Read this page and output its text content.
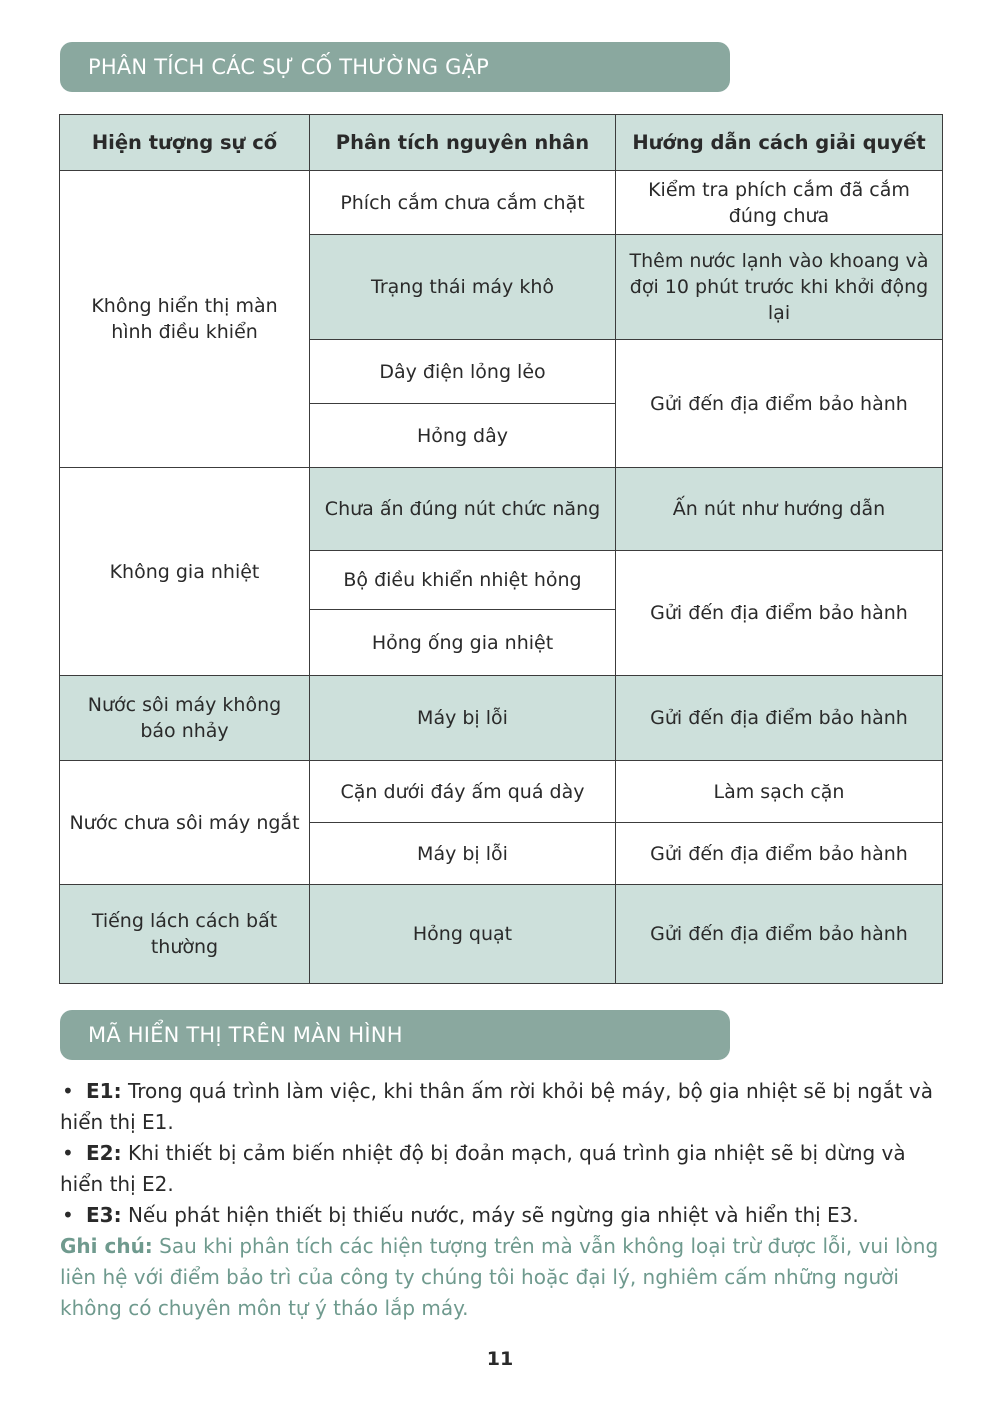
PHÂN TÍCH CÁC SỰ CỐ THƯỜNG GẶP
Hiện tượng sự cố	Phân tích nguyên nhân	Hướng dẫn cách giải quyết
Không hiển thị màn hình điều khiển	Phích cắm chưa cắm chặt	Kiểm tra phích cắm đã cắm đúng chưa
	Trạng thái máy khô	Thêm nước lạnh vào khoang và đợi 10 phút trước khi khởi động lại
	Dây điện lỏng lẻo	Gửi đến địa điểm bảo hành
	Hỏng dây	
Không gia nhiệt	Chưa ấn đúng nút chức năng	Ấn nút như hướng dẫn
	Bộ điều khiển nhiệt hỏng	Gửi đến địa điểm bảo hành
	Hỏng ống gia nhiệt	
Nước sôi máy không báo nhảy	Máy bị lỗi	Gửi đến địa điểm bảo hành
Nước chưa sôi máy ngắt	Cặn dưới đáy ấm quá dày	Làm sạch cặn
	Máy bị lỗi	Gửi đến địa điểm bảo hành
Tiếng lách cách bất thường	Hỏng quạt	Gửi đến địa điểm bảo hành
MÃ HIỂN THỊ TRÊN MÀN HÌNH

• E1: Trong quá trình làm việc, khi thân ấm rời khỏi bệ máy, bộ gia nhiệt sẽ bị ngắt và hiển thị E1.

• E2: Khi thiết bị cảm biến nhiệt độ bị đoản mạch, quá trình gia nhiệt sẽ bị dừng và hiển thị E2.

• E3: Nếu phát hiện thiết bị thiếu nước, máy sẽ ngừng gia nhiệt và hiển thị E3.

Ghi chú: Sau khi phân tích các hiện tượng trên mà vẫn không loại trừ được lỗi, vui lòng liên hệ với điểm bảo trì của công ty chúng tôi hoặc đại lý, nghiêm cấm những người không có chuyên môn tự ý tháo lắp máy.

11
